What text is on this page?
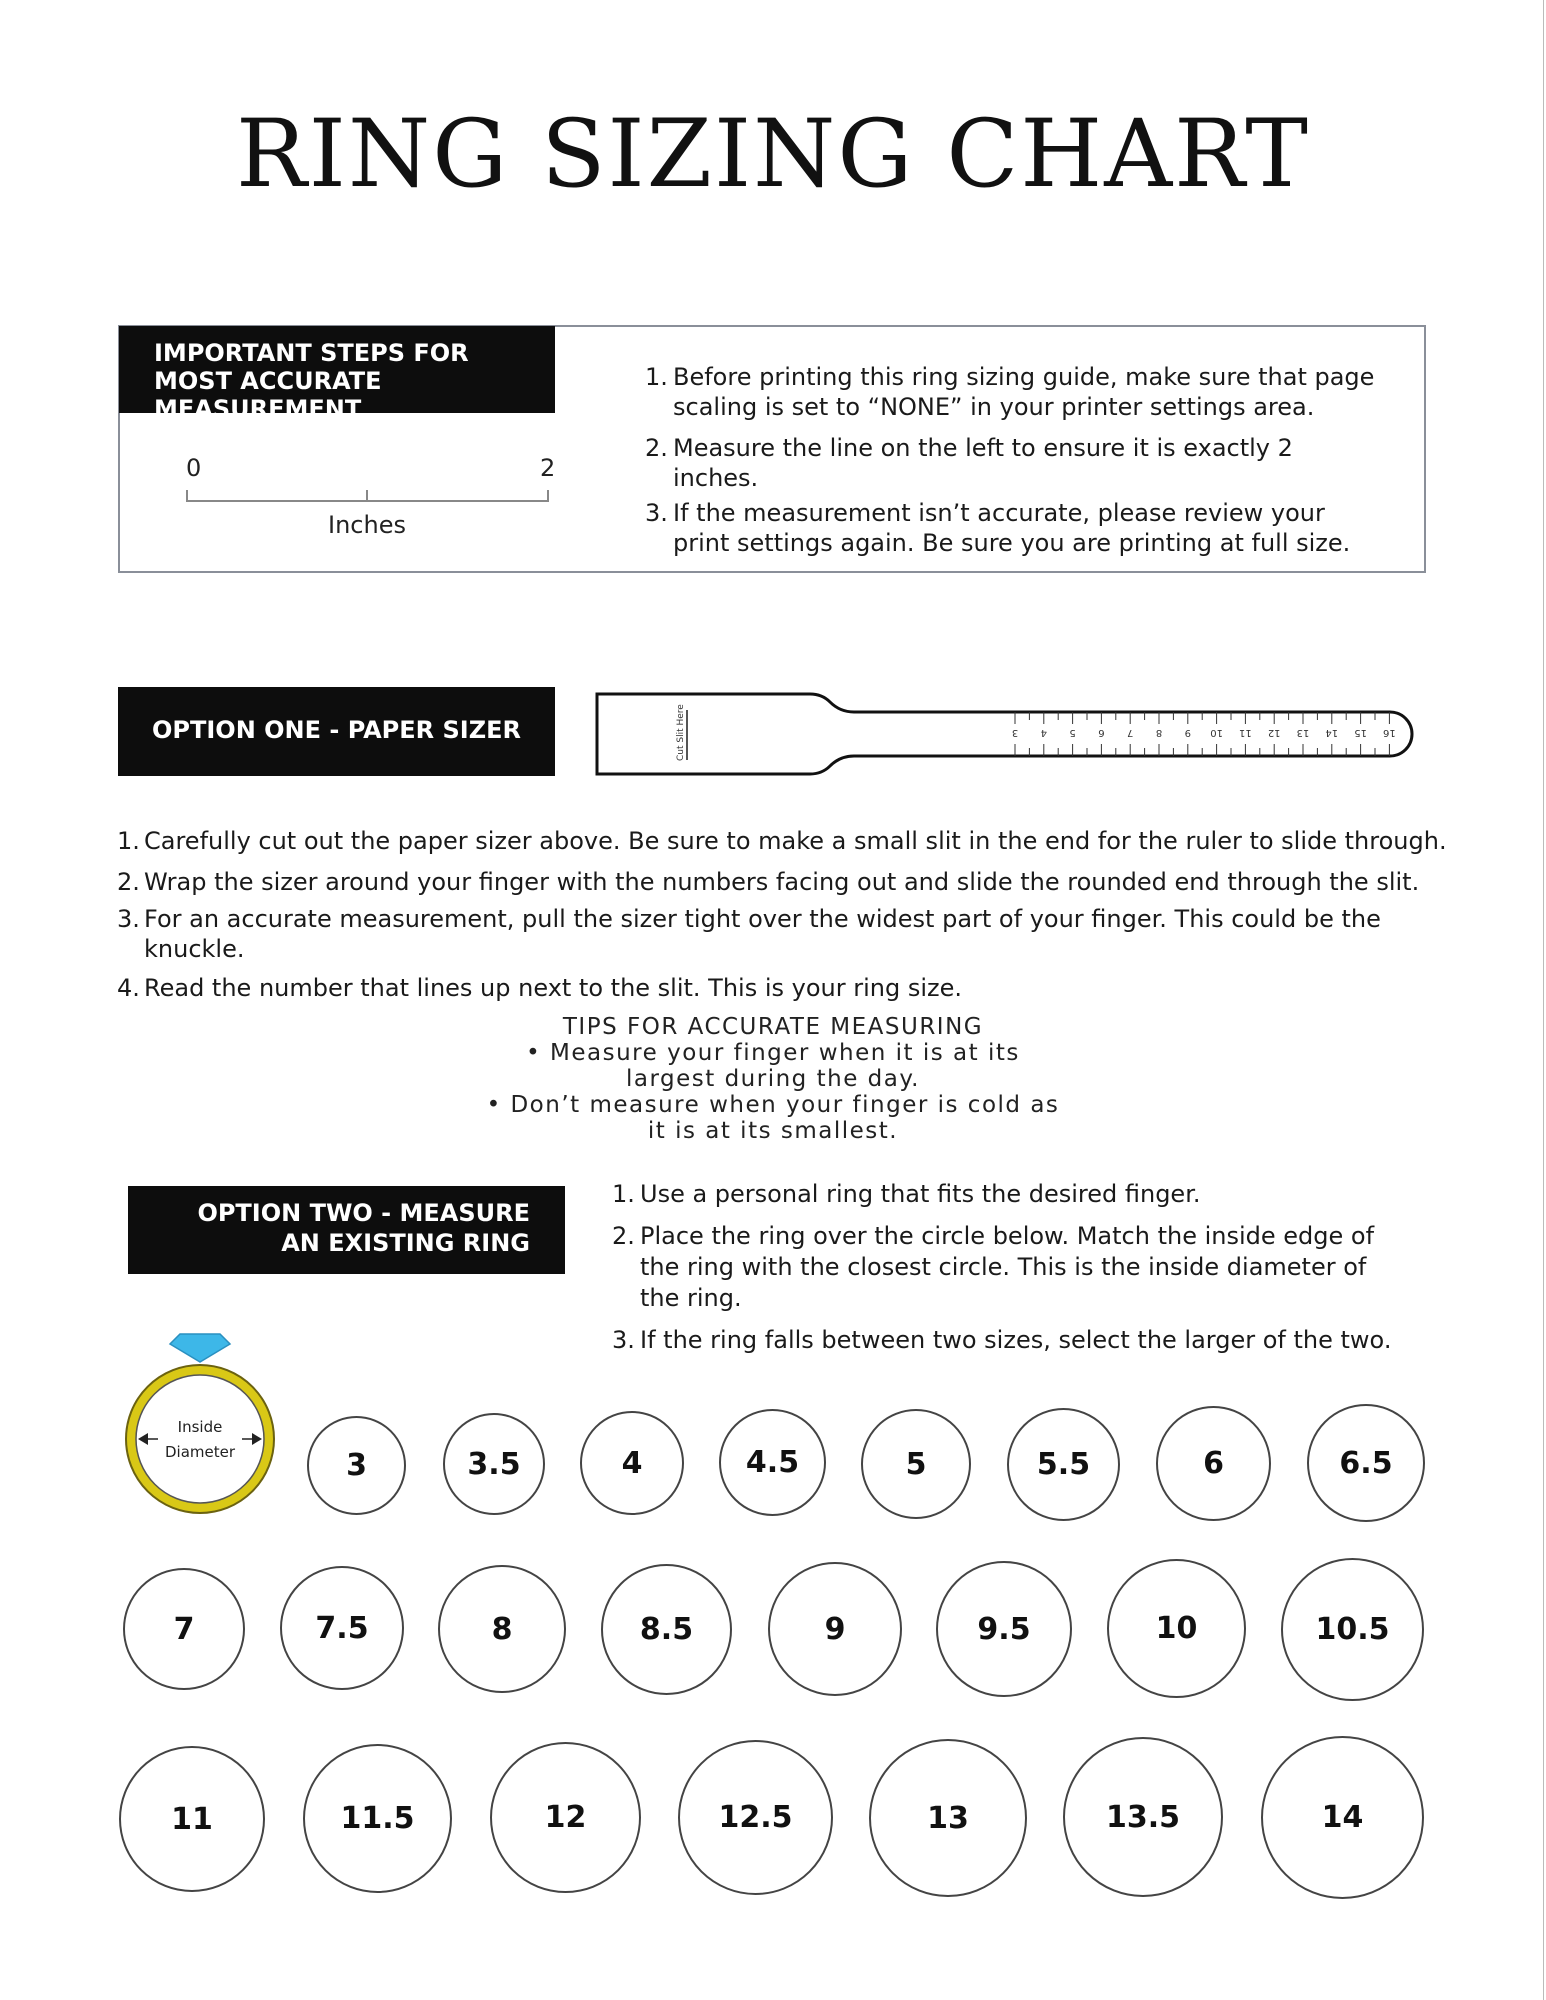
RING SIZING CHART
IMPORTANT STEPS FOR MOST ACCURATE MEASUREMENT
0	2
Inches
1. Before printing this ring sizing guide, make sure that page scaling is set to “NONE” in your printer settings area.
2. Measure the line on the left to ensure it is exactly 2 inches.
3. If the measurement isn’t accurate, please review your print settings again. Be sure you are printing at full size.
OPTION ONE - PAPER SIZER	Cut Slit Here	3 4 5 6 7 8 9 10 11 12 13 14 15 16
1. Carefully cut out the paper sizer above. Be sure to make a small slit in the end for the ruler to slide through.
2. Wrap the sizer around your finger with the numbers facing out and slide the rounded end through the slit.
3. For an accurate measurement, pull the sizer tight over the widest part of your finger. This could be the knuckle.
4. Read the number that lines up next to the slit. This is your ring size.
TIPS FOR ACCURATE MEASURING
• Measure your finger when it is at its largest during the day.
• Don’t measure when your finger is cold as it is at its smallest.
OPTION TWO - MEASURE AN EXISTING RING
1. Use a personal ring that fits the desired finger.
2. Place the ring over the circle below. Match the inside edge of the ring with the closest circle. This is the inside diameter of the ring.
3. If the ring falls between two sizes, select the larger of the two.
Inside
Diameter	3	3.5	4	4.5	5	5.5	6	6.5
7	7.5	8	8.5	9	9.5	10	10.5
11	11.5	12	12.5	13	13.5	14
